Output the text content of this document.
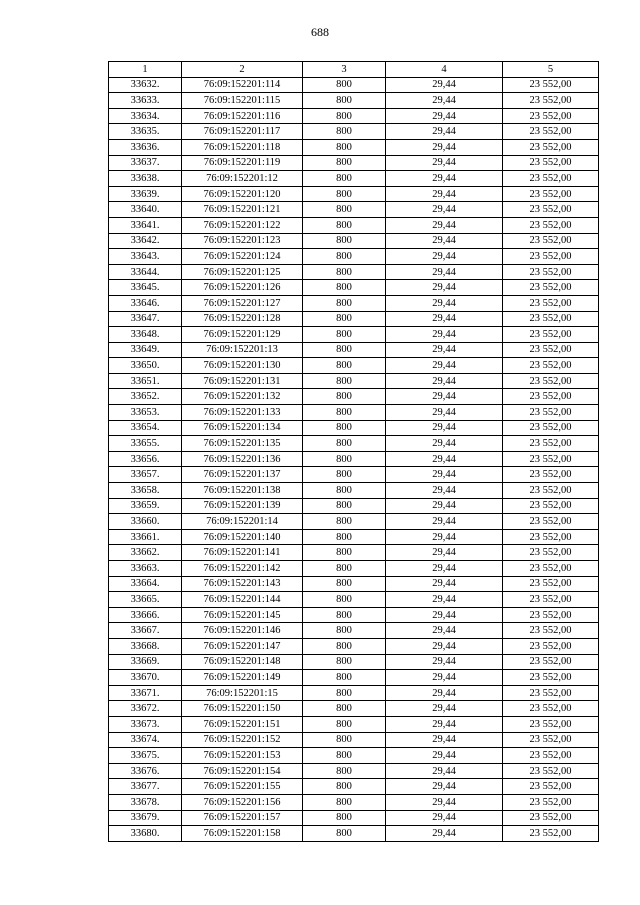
688
1	2	3	4	5
33632.	76:09:152201:114	800	29,44	23 552,00
33633.	76:09:152201:115	800	29,44	23 552,00
33634.	76:09:152201:116	800	29,44	23 552,00
33635.	76:09:152201:117	800	29,44	23 552,00
33636.	76:09:152201:118	800	29,44	23 552,00
33637.	76:09:152201:119	800	29,44	23 552,00
33638.	76:09:152201:12	800	29,44	23 552,00
33639.	76:09:152201:120	800	29,44	23 552,00
33640.	76:09:152201:121	800	29,44	23 552,00
33641.	76:09:152201:122	800	29,44	23 552,00
33642.	76:09:152201:123	800	29,44	23 552,00
33643.	76:09:152201:124	800	29,44	23 552,00
33644.	76:09:152201:125	800	29,44	23 552,00
33645.	76:09:152201:126	800	29,44	23 552,00
33646.	76:09:152201:127	800	29,44	23 552,00
33647.	76:09:152201:128	800	29,44	23 552,00
33648.	76:09:152201:129	800	29,44	23 552,00
33649.	76:09:152201:13	800	29,44	23 552,00
33650.	76:09:152201:130	800	29,44	23 552,00
33651.	76:09:152201:131	800	29,44	23 552,00
33652.	76:09:152201:132	800	29,44	23 552,00
33653.	76:09:152201:133	800	29,44	23 552,00
33654.	76:09:152201:134	800	29,44	23 552,00
33655.	76:09:152201:135	800	29,44	23 552,00
33656.	76:09:152201:136	800	29,44	23 552,00
33657.	76:09:152201:137	800	29,44	23 552,00
33658.	76:09:152201:138	800	29,44	23 552,00
33659.	76:09:152201:139	800	29,44	23 552,00
33660.	76:09:152201:14	800	29,44	23 552,00
33661.	76:09:152201:140	800	29,44	23 552,00
33662.	76:09:152201:141	800	29,44	23 552,00
33663.	76:09:152201:142	800	29,44	23 552,00
33664.	76:09:152201:143	800	29,44	23 552,00
33665.	76:09:152201:144	800	29,44	23 552,00
33666.	76:09:152201:145	800	29,44	23 552,00
33667.	76:09:152201:146	800	29,44	23 552,00
33668.	76:09:152201:147	800	29,44	23 552,00
33669.	76:09:152201:148	800	29,44	23 552,00
33670.	76:09:152201:149	800	29,44	23 552,00
33671.	76:09:152201:15	800	29,44	23 552,00
33672.	76:09:152201:150	800	29,44	23 552,00
33673.	76:09:152201:151	800	29,44	23 552,00
33674.	76:09:152201:152	800	29,44	23 552,00
33675.	76:09:152201:153	800	29,44	23 552,00
33676.	76:09:152201:154	800	29,44	23 552,00
33677.	76:09:152201:155	800	29,44	23 552,00
33678.	76:09:152201:156	800	29,44	23 552,00
33679.	76:09:152201:157	800	29,44	23 552,00
33680.	76:09:152201:158	800	29,44	23 552,00
